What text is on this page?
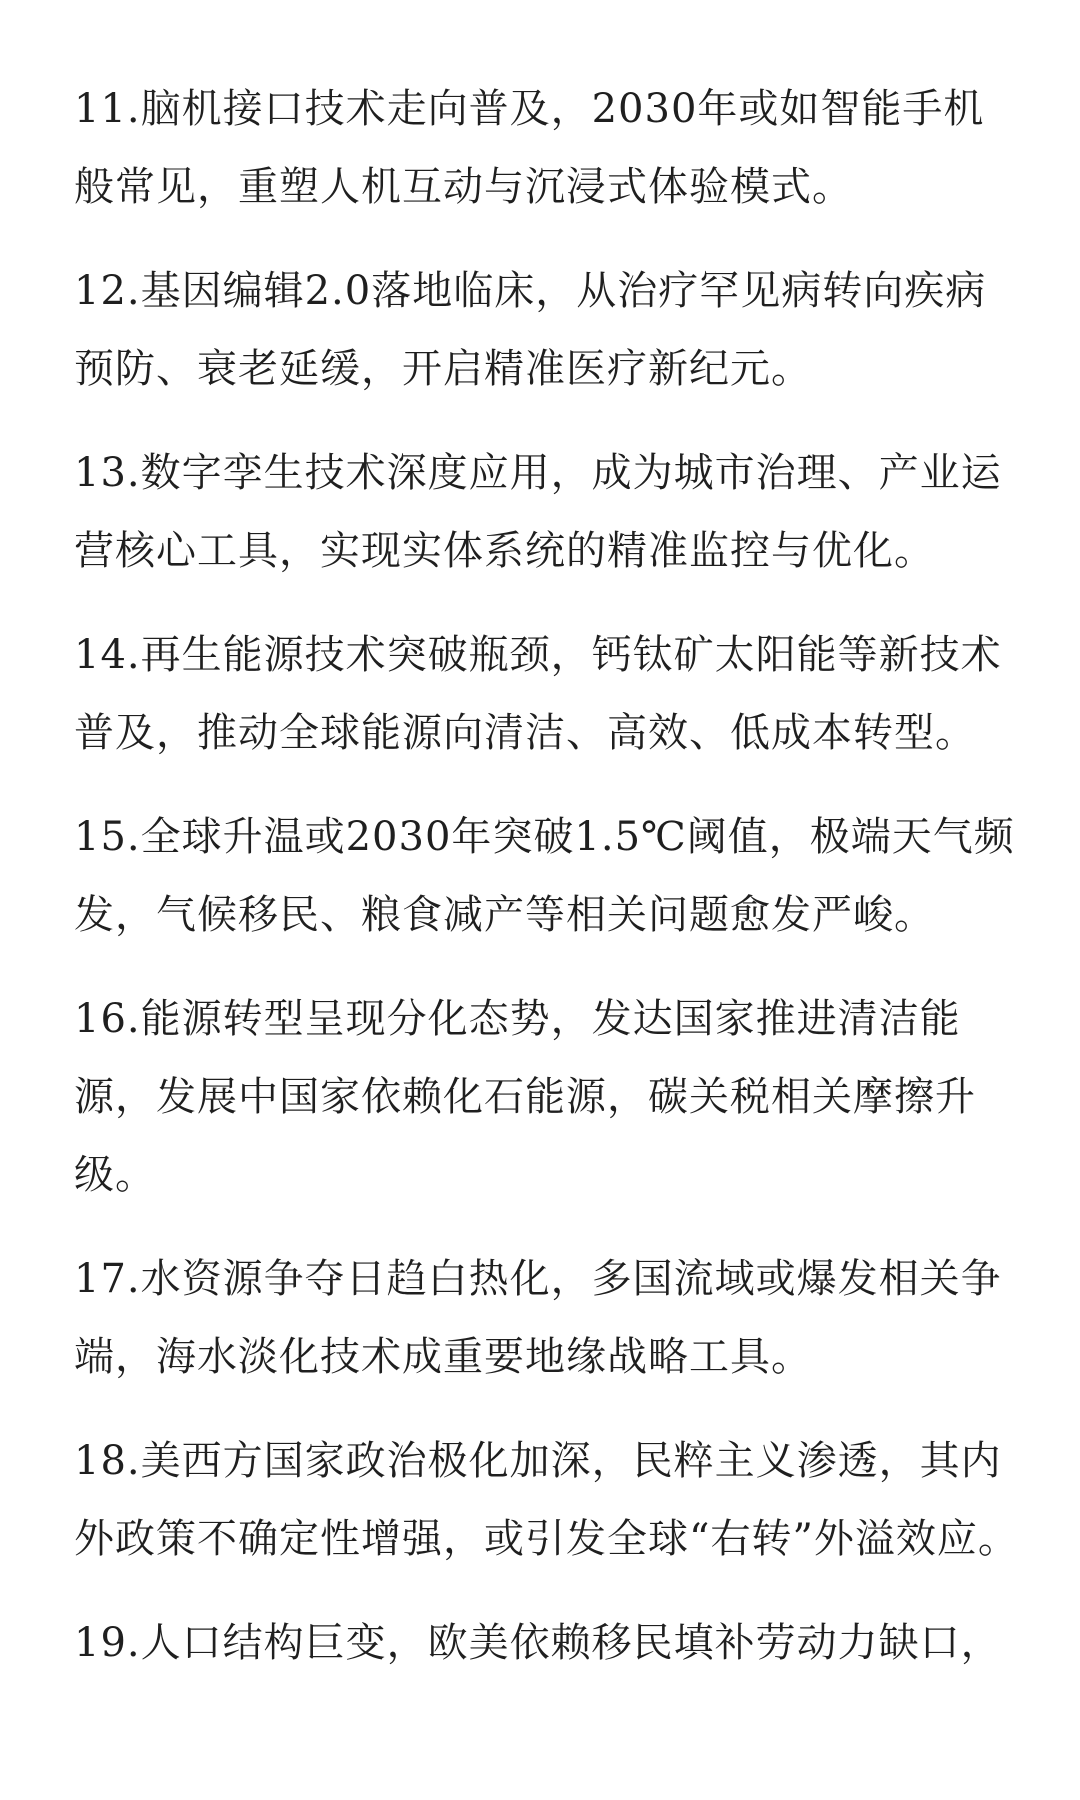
11.脑机接口技术走向普及，2030年或如智能手机般常见，重塑人机互动与沉浸式体验模式。

12.基因编辑2.0落地临床，从治疗罕见病转向疾病预防、衰老延缓，开启精准医疗新纪元。

13.数字孪生技术深度应用，成为城市治理、产业运营核心工具，实现实体系统的精准监控与优化。

14.再生能源技术突破瓶颈，钙钛矿太阳能等新技术普及，推动全球能源向清洁、高效、低成本转型。

15.全球升温或2030年突破1.5℃阈值，极端天气频发，气候移民、粮食减产等相关问题愈发严峻。

16.能源转型呈现分化态势，发达国家推进清洁能源，发展中国家依赖化石能源，碳关税相关摩擦升级。

17.水资源争夺日趋白热化，多国流域或爆发相关争端，海水淡化技术成重要地缘战略工具。

18.美西方国家政治极化加深，民粹主义渗透，其内外政策不确定性增强，或引发全球“右转”外溢效应。

19.人口结构巨变，欧美依赖移民填补劳动力缺口，
